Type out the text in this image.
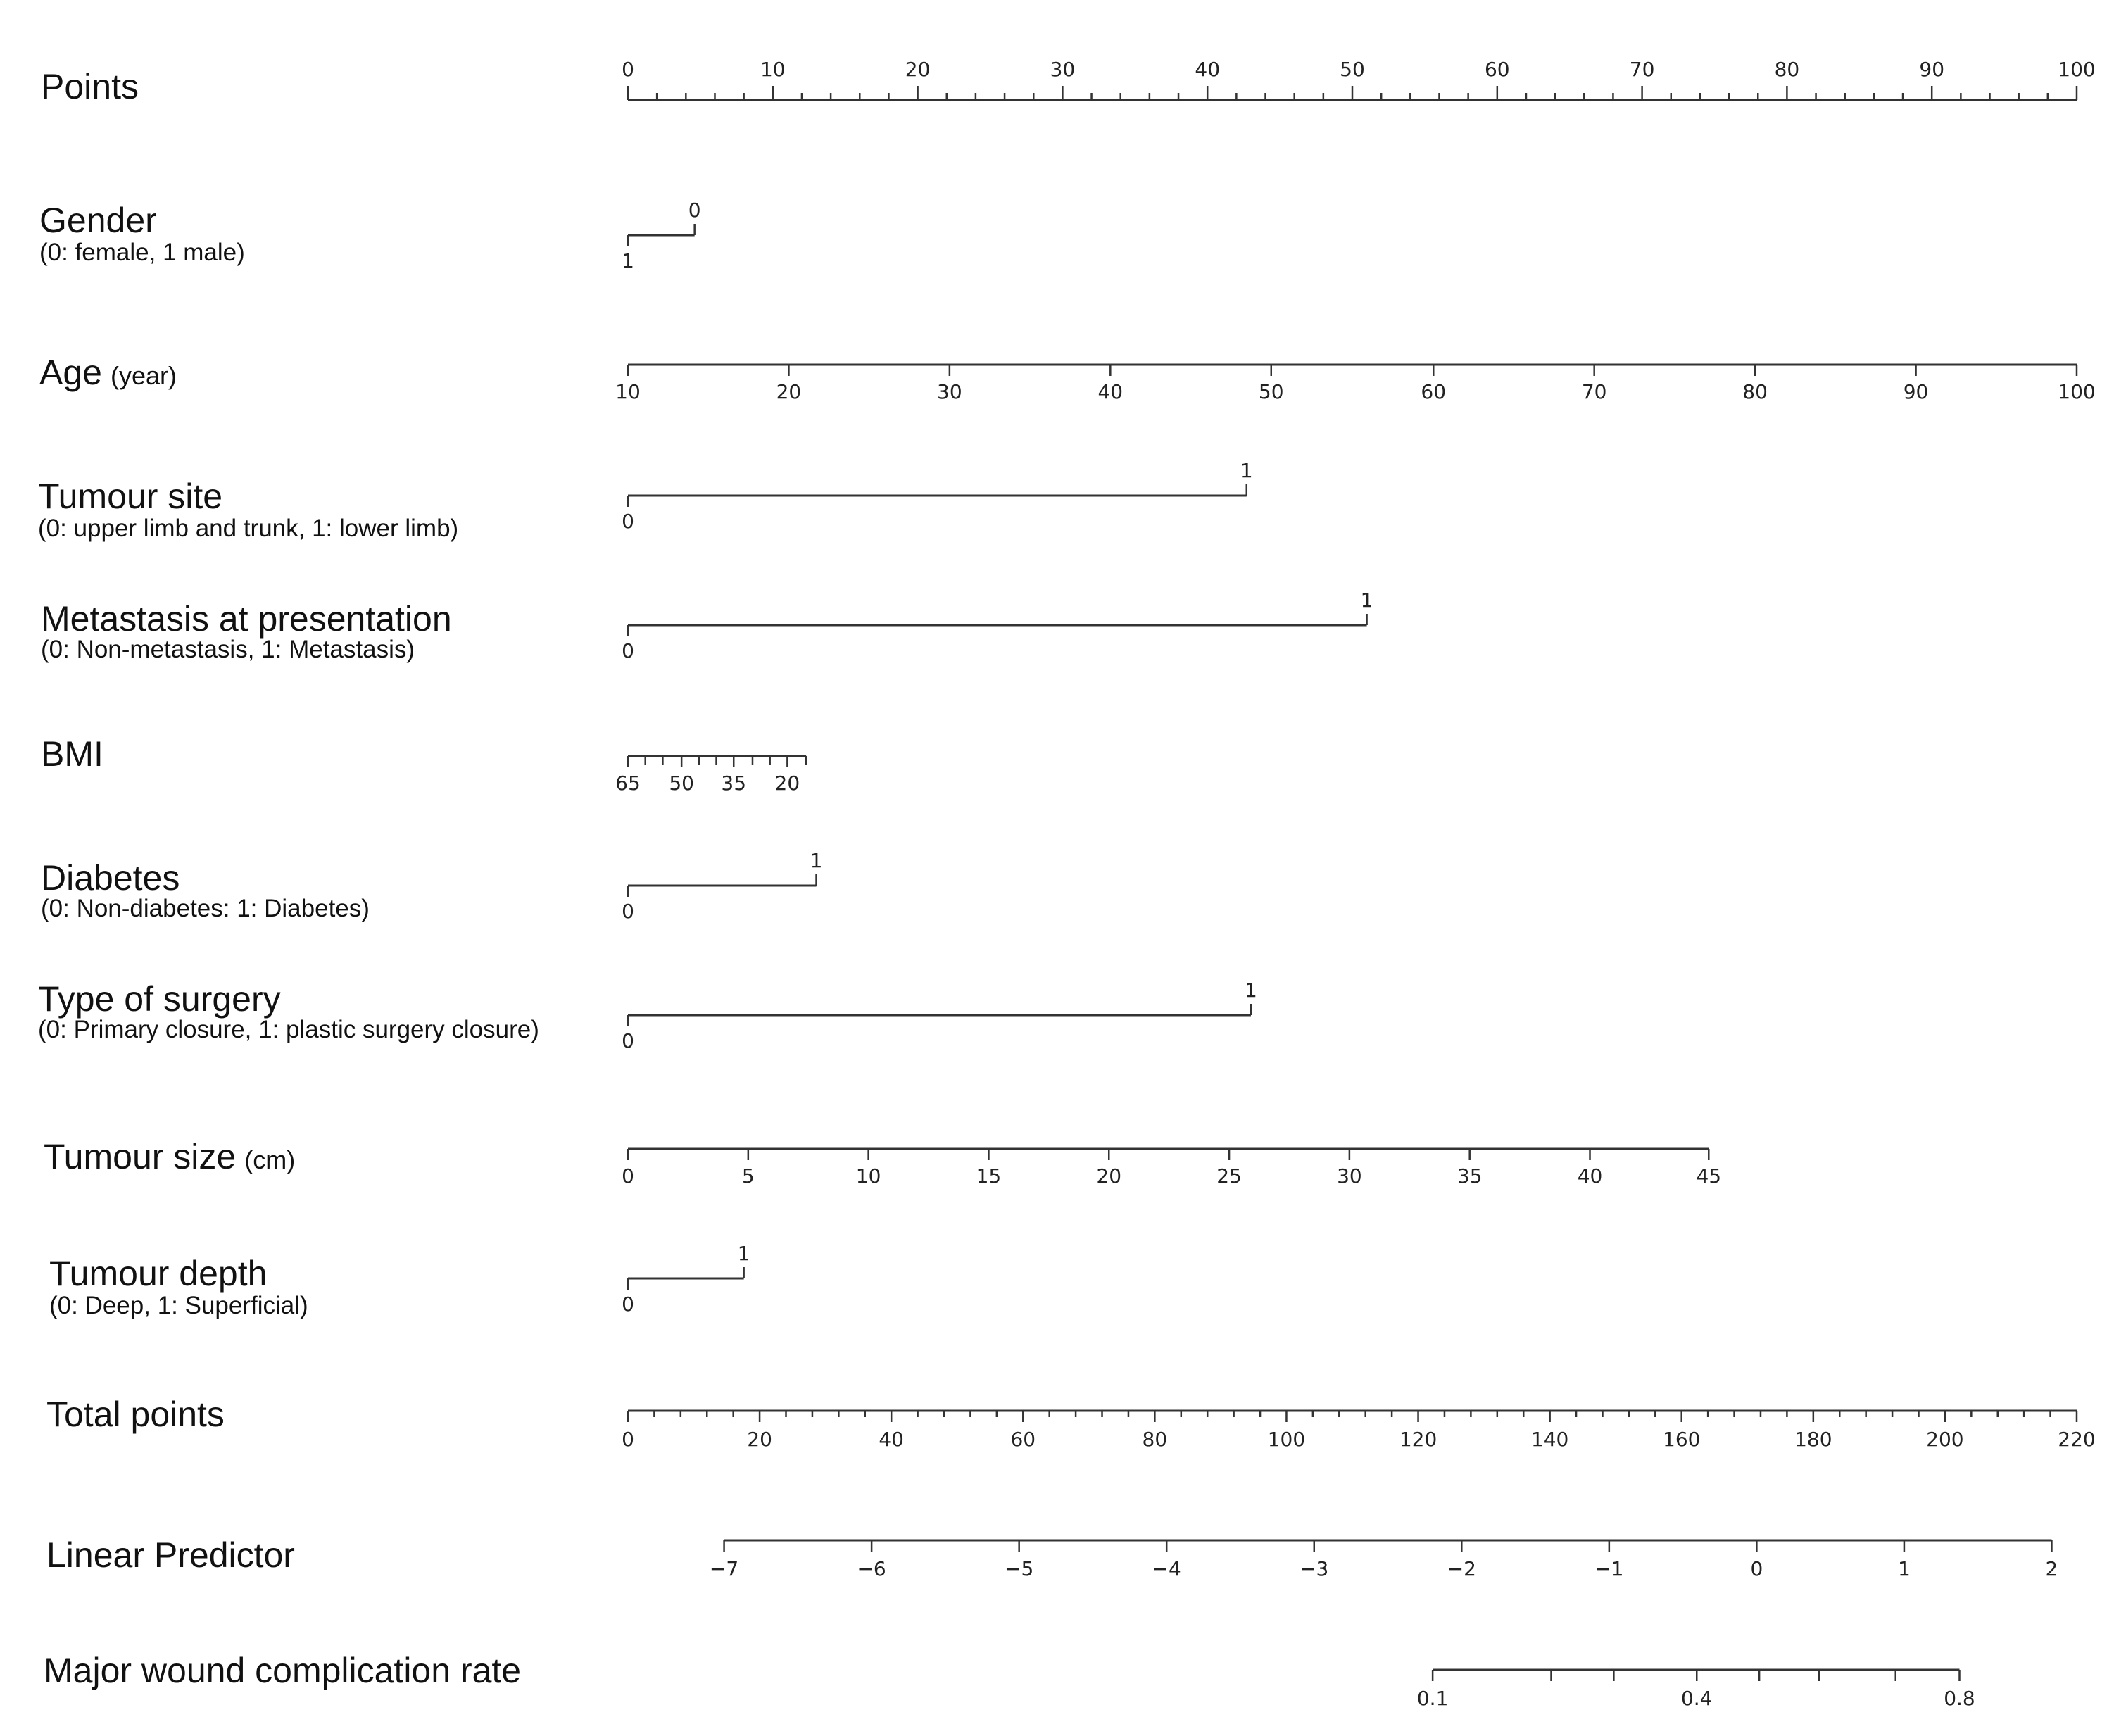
Points
Gender
(0: female, 1 male)
Age (year)
Tumour site
(0: upper limb and trunk, 1: lower limb)
Metastasis at presentation
(0: Non-metastasis, 1: Metastasis)
BMI
Diabetes
(0: Non-diabetes: 1: Diabetes)
Type of surgery
(0: Primary closure, 1: plastic surgery closure)
Tumour size (cm)
Tumour depth
(0: Deep, 1: Superficial)
Total points
Linear Predictor
Major wound complication rate
0	10	20	30	40	50	60	70	80	90	100
1
0
10	20	30	40	50	60	70	80	90	100
0
1
0
1
65 50 35 20
0
1
0
1
0	5	10	15	20	25	30	35	40	45
0
1
0	20	40	60	80	100	120	140	160	180	200	220
−7	−6	−5	−4	−3	−2	−1	0	1	2
0.1	0.4	0.8
